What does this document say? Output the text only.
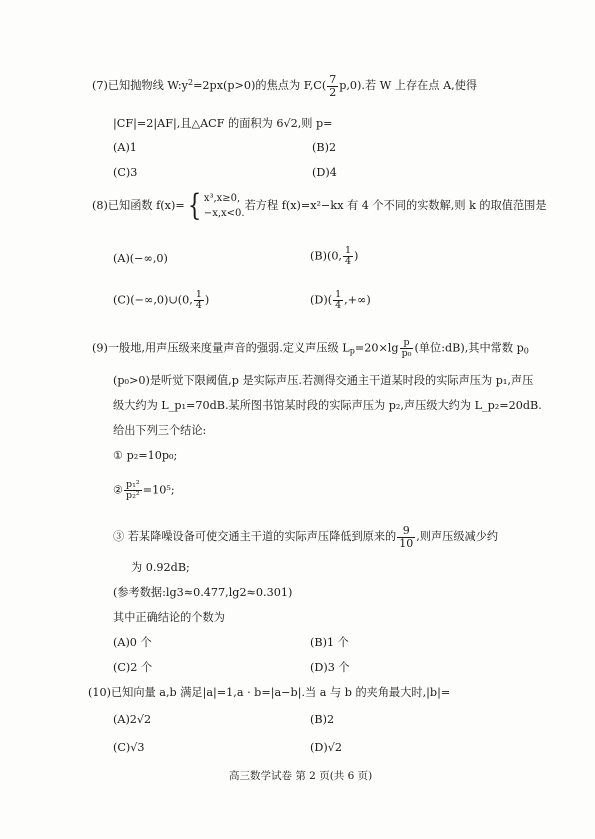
(7)已知抛物线 $W:y^2=2px(p>0)$的焦点为 $F,C( \frac{7}{2} p,0)$.若 W 上存在点 A,使得
|CF|=2|AF|,且△ACF 的面积为 6√2,则 p=
(A)1	(B)2
(C)3	(D)4
(8)已知函数 f(x)={ x³,x≥0,
−x,x<0.
若方程 f(x)=x²−kx 有 4 个不同的实数解,则 k 的取值范围是
(A)(−∞,0)	(B)(0, $\frac{1}{4}$ )
(C)(−∞,0)∪(0, $\frac{1}{4}$ )	$(D)( \frac{1}{4}$ ,+∞)
(9)一般地,用声压级来度量声音的强弱.定义声压级 $L_p=20\times\lg \frac{p}{\text{p₀}}$ (单位:dB),其中常数 $p_0$
(p₀>0)是听觉下限阈值,p 是实际声压.若测得交通主干道某时段的实际声压为 p₁,声压
级大约为 L_p₁=70dB.某所图书馆某时段的实际声压为 p₂,声压级大约为 L_p₂=20dB.
给出下列三个结论:
① p₂=10p₀;
② $\frac{\text{p₁²}}{\text{p₂²}} =10^5$;
③ 若某降噪设备可使交通主干道的实际声压降低到原来的 $\frac{9}{10}$ ,则声压级减少约
为 0.92dB;
(参考数据:lg3≈0.477,lg2≈0.301)
其中正确结论的个数为
(A)0 个	(B)1 个
(C)2 个	(D)3 个
(10)已知向量 a,b 满足|a|=1,a · b=|a−b|.当 a 与 b 的夹角最大时,|b|=
(A)2√2	(B)2
(C)√3	(D)√2
高三数学试卷 第 2 页(共 6 页)
